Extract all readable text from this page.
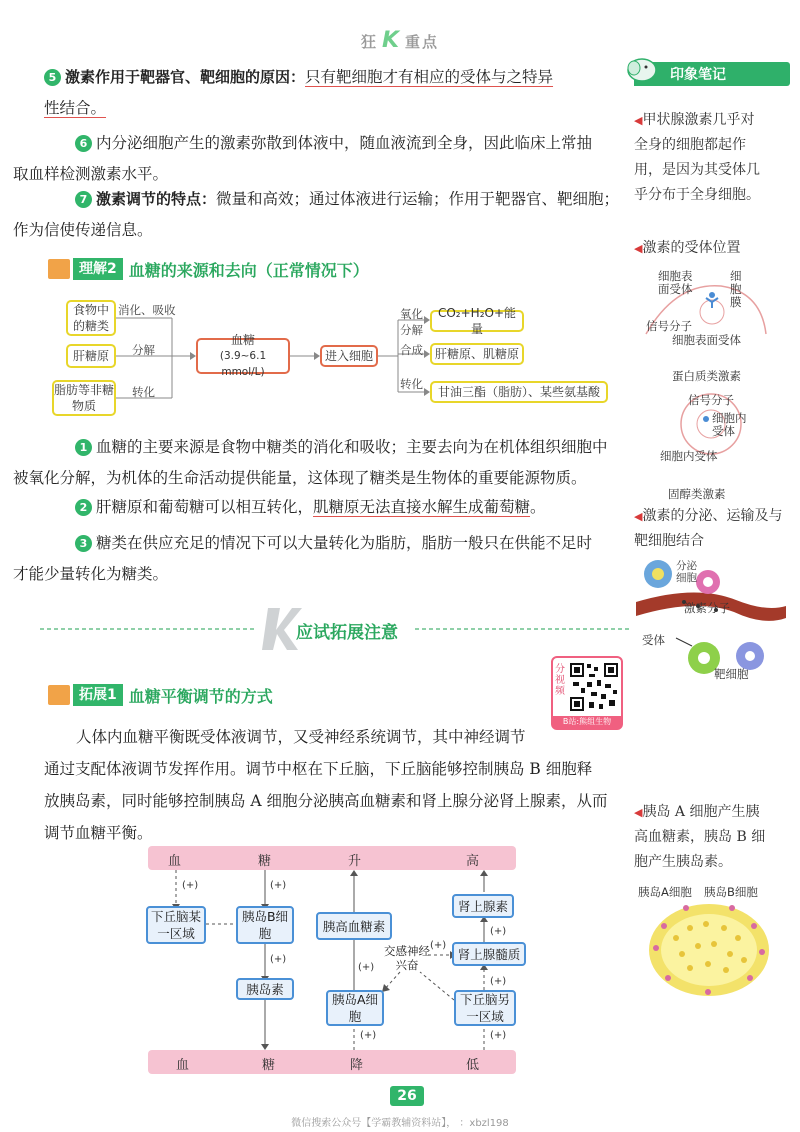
狂 K 重点
5 激素作用于靶器官、靶细胞的原因：只有靶细胞才有相应的受体与之特异
性结合。
6 内分泌细胞产生的激素弥散到体液中，随血液流到全身，因此临床上常抽
取血样检测激素水平。
7 激素调节的特点：微量和高效；通过体液进行运输；作用于靶器官、靶细胞；
作为信使传递信息。
理解2 血糖的来源和去向（正常情况下）
食物中的糖类
肝糖原
脂肪等非糖物质
消化、吸收
分解
转化
血糖
(3.9~6.1 mmol/L)
进入细胞
氧化
分解
合成
转化
CO₂+H₂O+能量
肝糖原、肌糖原
甘油三酯（脂肪）、某些氨基酸
1 血糖的主要来源是食物中糖类的消化和吸收；主要去向为在机体组织细胞中
被氧化分解，为机体的生命活动提供能量，这体现了糖类是生物体的重要能源物质。
2 肝糖原和葡萄糖可以相互转化，肌糖原无法直接水解生成葡萄糖。
3 糖类在供应充足的情况下可以大量转化为脂肪，脂肪一般只在供能不足时
才能少量转化为糖类。
应试拓展注意
拓展1 血糖平衡调节的方式
分视频
B站:熊组生物
人体内血糖平衡既受体液调节，又受神经系统调节，其中神经调节
通过支配体液调节发挥作用。调节中枢在下丘脑，下丘脑能够控制胰岛 B 细胞释
放胰岛素，同时能够控制胰岛 A 细胞分泌胰高血糖素和肾上腺分泌肾上腺素，从而
调节血糖平衡。
血	糖	升	高
血	糖	降	低
下丘脑某一区域
胰岛B细胞
胰岛素
胰高血糖素
胰岛A细胞
肾上腺素
肾上腺髓质
下丘脑另一区域
交感神经兴奋
(+)	(+)
(+)
(+)
(+)	(+)
(+)
(+)
(+)
印象笔记
◀甲状腺激素几乎对全身的细胞都起作用，是因为其受体几乎分布于全身细胞。
◀激素的受体位置
细胞表面受体
细胞膜
信号分子
细胞表面受体
蛋白质类激素
信号分子
细胞内受体
细胞内受体
固醇类激素
◀激素的分泌、运输及与靶细胞结合
分泌细胞
激素分子
受体
靶细胞
◀胰岛 A 细胞产生胰高血糖素，胰岛 B 细胞产生胰岛素。
胰岛A细胞 胰岛B细胞
26
微信搜索公众号【学霸教辅资料站】， ：xbzl198
